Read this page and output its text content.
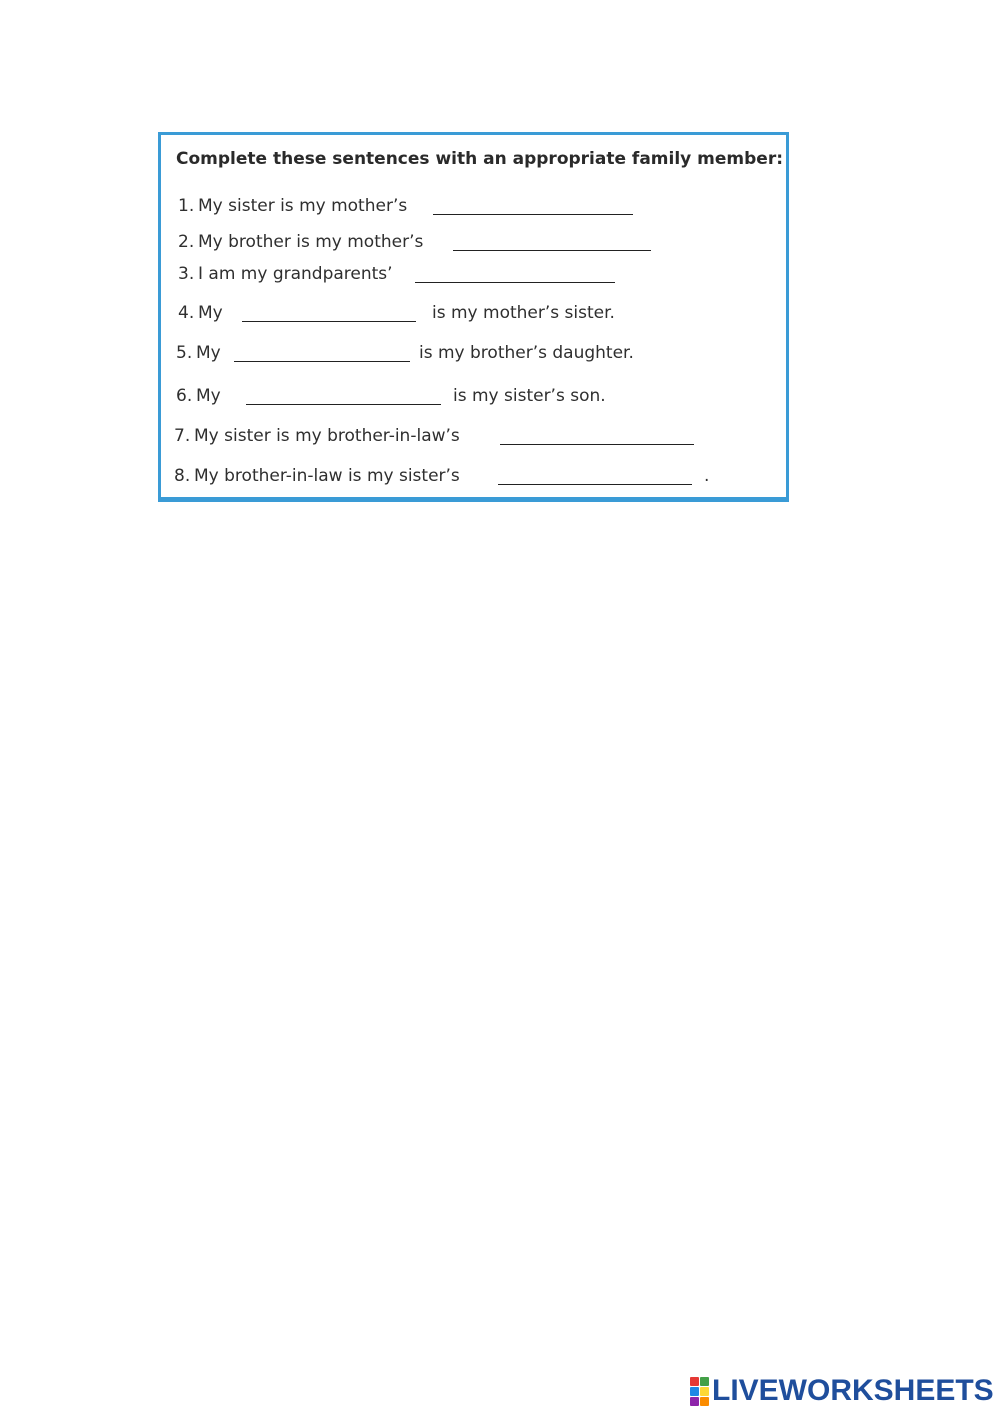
Complete these sentences with an appropriate family member:
1. My sister is my mother’s
2. My brother is my mother’s
3. I am my grandparents’
4. My	is my mother’s sister.
5. My	is my brother’s daughter.
6. My	is my sister’s son.
7. My sister is my brother-in-law’s
8. My brother-in-law is my sister’s	.
LIVEWORKSHEETS
